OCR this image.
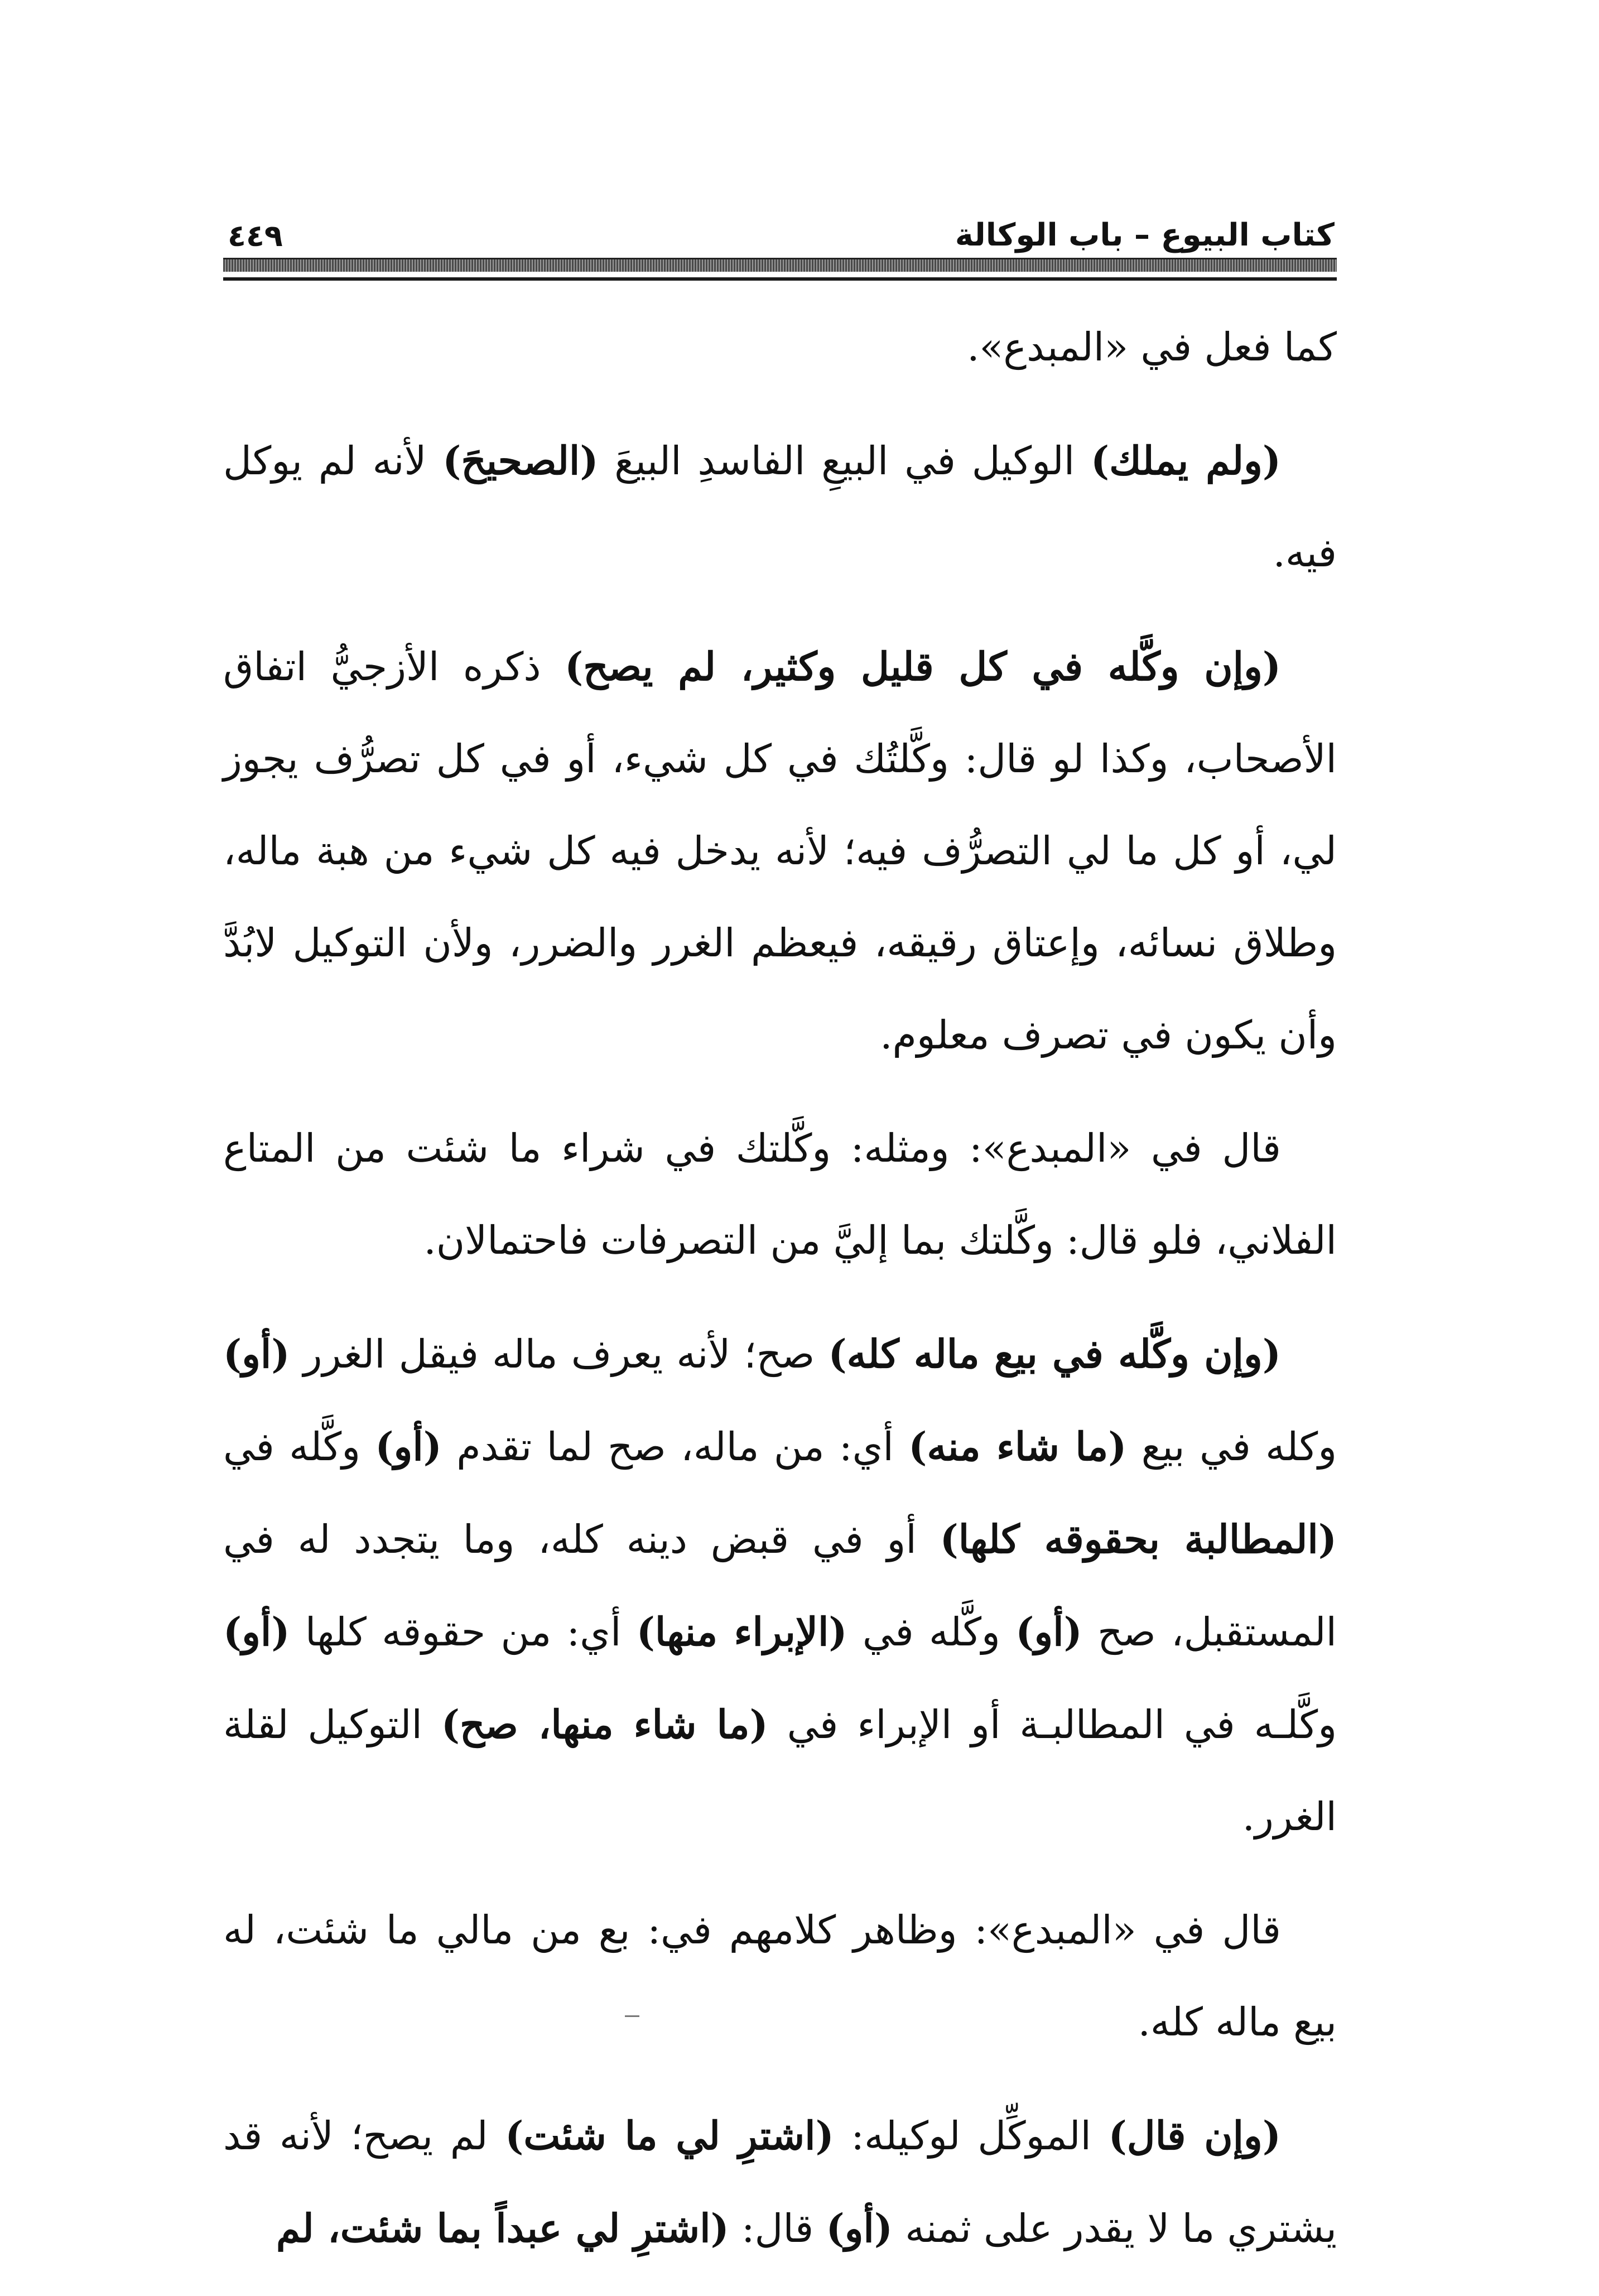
كتاب البيوع – باب الوكالة
٤٤٩

كما فعل في «المبدع».

(ولم يملك) الوكيل في البيعِ الفاسدِ البيعَ (الصحيحَ) لأنه لم يوكل فيه.

(وإن وكَّله في كل قليل وكثير، لم يصح) ذكره الأزجيُّ اتفاق الأصحاب، وكذا لو قال: وكَّلتُك في كل شيء، أو في كل تصرُّف يجوز لي، أو كل ما لي التصرُّف فيه؛ لأنه يدخل فيه كل شيء من هبة ماله، وطلاق نسائه، وإعتاق رقيقه، فيعظم الغرر والضرر، ولأن التوكيل لابُدَّ وأن يكون في تصرف معلوم.

قال في «المبدع»: ومثله: وكَّلتك في شراء ما شئت من المتاع الفلاني، فلو قال: وكَّلتك بما إليَّ من التصرفات فاحتمالان.

(وإن وكَّله في بيع ماله كله) صح؛ لأنه يعرف ماله فيقل الغرر (أو) وكله في بيع (ما شاء منه) أي: من ماله، صح لما تقدم (أو) وكَّله في (المطالبة بحقوقه كلها) أو في قبض دينه كله، وما يتجدد له في المستقبل، صح (أو) وكَّله في (الإبراء منها) أي: من حقوقه كلها (أو) وكَّلـه في المطالبـة أو الإبراء في (ما شاء منها، صح) التوكيل لقلة الغرر.

قال في «المبدع»: وظاهر كلامهم في: بع من مالي ما شئت، له بيع ماله كله.

(وإن قال) الموكِّل لوكيله: (اشترِ لي ما شئت) لم يصح؛ لأنه قد يشتري ما لا يقدر على ثمنه (أو) قال: (اشترِ لي عبداً بما شئت، لم
